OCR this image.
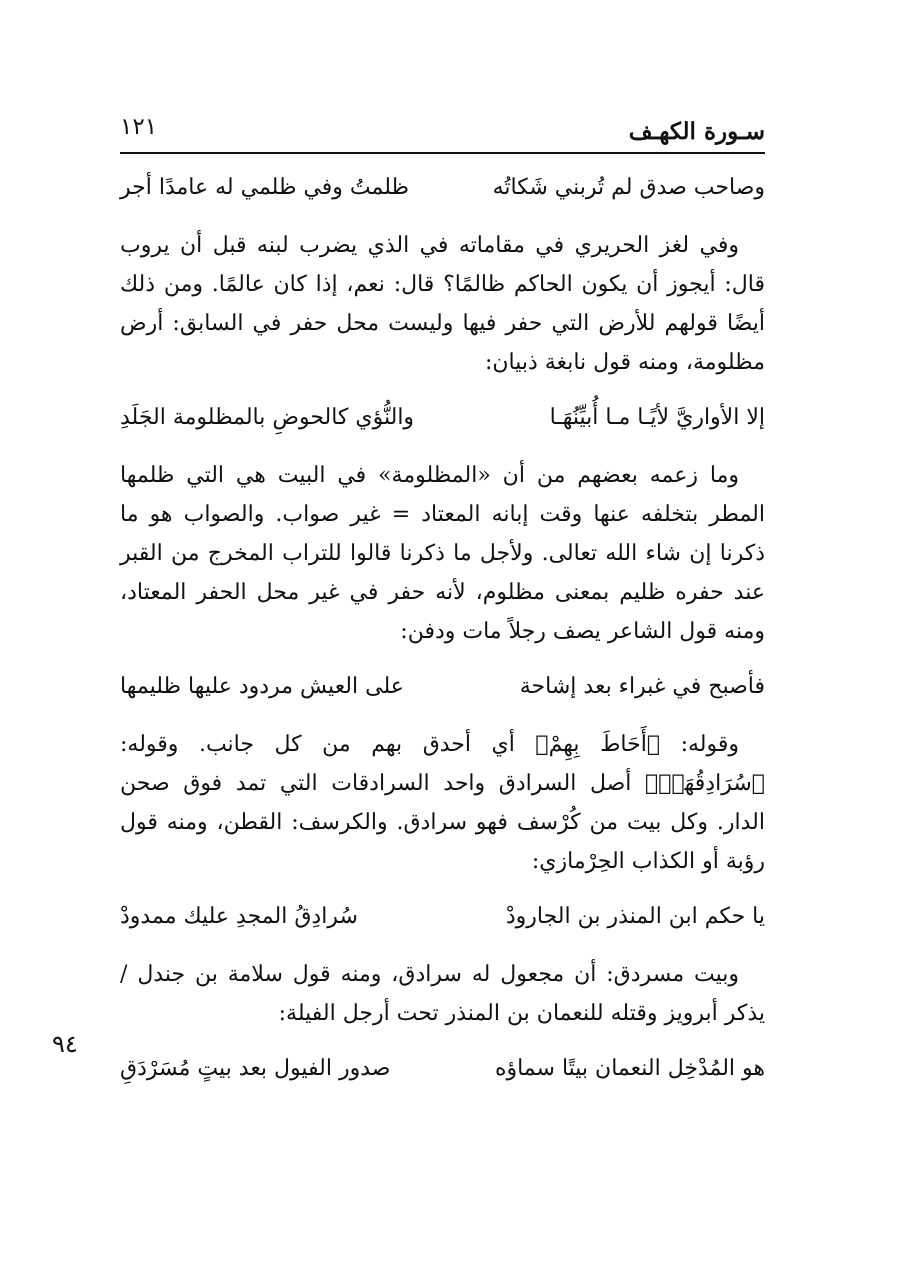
سـورة الكهـف
١٢١
وصاحب صدق لم تُربني شَكاتُه
ظلمتُ وفي ظلمي له عامدًا أجر

وفي لغز الحريري في مقاماته في الذي يضرب لبنه قبل أن يروب قال: أيجوز أن يكون الحاكم ظالمًا؟ قال: نعم، إذا كان عالمًا. ومن ذلك أيضًا قولهم للأرض التي حفر فيها وليست محل حفر في السابق: أرض مظلومة، ومنه قول نابغة ذبيان:

إلا الأواريَّ لأيًـا مـا أُبيِّنُهَـا
والنُّؤي كالحوضِ بالمظلومة الجَلَدِ

وما زعمه بعضهم من أن «المظلومة» في البيت هي التي ظلمها المطر بتخلفه عنها وقت إبانه المعتاد = غير صواب. والصواب هو ما ذكرنا إن شاء الله تعالى. ولأجل ما ذكرنا قالوا للتراب المخرج من القبر عند حفره ظليم بمعنى مظلوم، لأنه حفر في غير محل الحفر المعتاد، ومنه قول الشاعر يصف رجلاً مات ودفن:

فأصبح في غبراء بعد إشاحة
على العيش مردود عليها ظليمها

وقوله: ﴿أَحَاطَ بِهِمْ﴾ أي أحدق بهم من كل جانب. وقوله: ﴿سُرَادِقُهَاۚ﴾ أصل السرادق واحد السرادقات التي تمد فوق صحن الدار. وكل بيت من كُرْسف فهو سرادق. والكرسف: القطن، ومنه قول رؤبة أو الكذاب الحِرْمازي:

يا حكم ابن المنذر بن الجارودْ
سُرادِقُ المجدِ عليك ممدودْ

وبيت مسردق: أن مجعول له سرادق، ومنه قول سلامة بن جندل / يذكر أبرويز وقتله للنعمان بن المنذر تحت أرجل الفيلة:

هو المُدْخِل النعمان بيتًا سماؤه
صدور الفيول بعد بيتٍ مُسَرْدَقِ
٩٤
